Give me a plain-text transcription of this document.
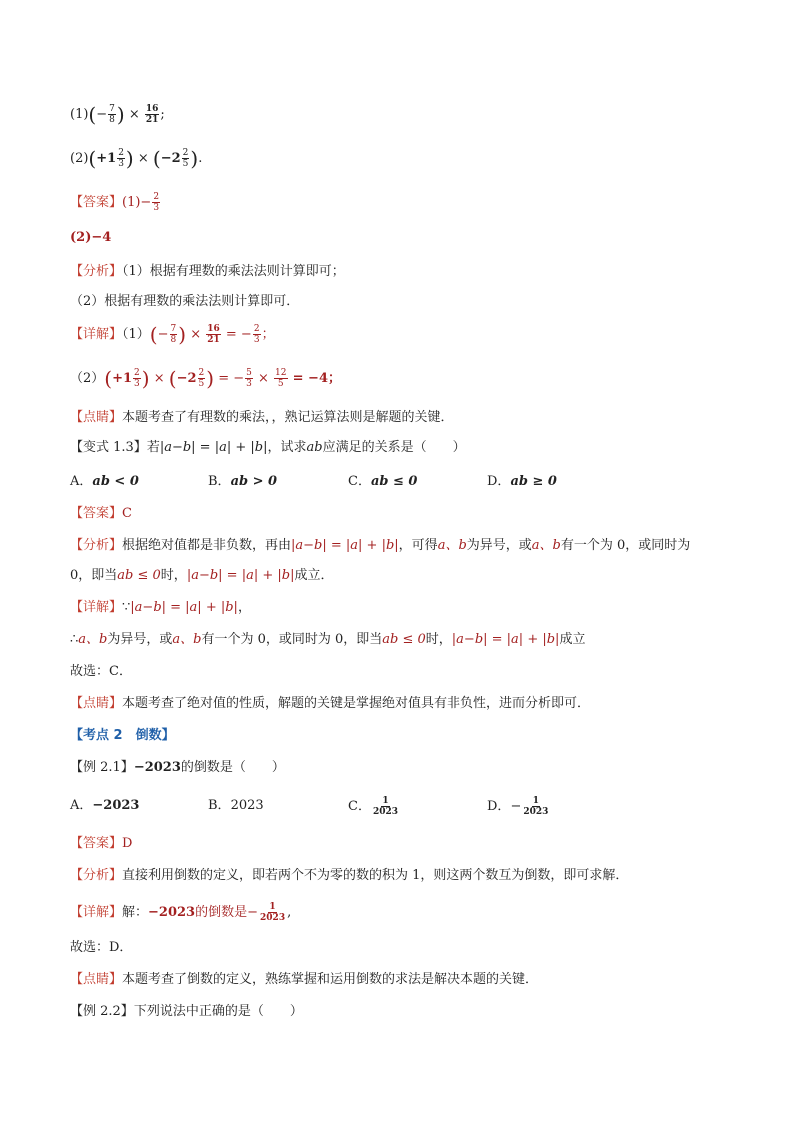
$(1)(- \frac{7}{8}$ ) × $\frac{16}{21}$ ;
$(2)(+1 \frac{2}{3}$ ) × ($-2 \frac{2}{5}$ ).
【答案】$(1)- \frac{2}{3}$
(2)−4
【分析】（1）根据有理数的乘法法则计算即可；
（2）根据有理数的乘法法则计算即可．
【详解】$(1)(- \frac{7}{8}$ ) × $\frac{16}{21}$ = − $\frac{2}{3}$ ；
$(2)(+1 \frac{2}{3}$ ) × ($-2 \frac{2}{5}$ ) = − $\frac{5}{3} \times \frac{12}{5} = -4$；
【点睛】本题考查了有理数的乘法，，熟记运算法则是解题的关键．
【变式 1.3】若|a−b| = |a| + |b|，试求ab应满足的关系是（　　）
A．ab < 0	B．ab > 0	C．ab ≤ 0	D．ab ≥ 0
【答案】C
【分析】根据绝对值都是非负数，再由|a−b| = |a| + |b|，可得a、b为异号，或a、b有一个为 0，或同时为
0，即当ab ≤ 0时，|a−b| = |a| + |b|成立．
【详解】∵|a−b| = |a| + |b|，
∴a、b为异号，或a、b有一个为 0，或同时为 0，即当ab ≤ 0时，|a−b| = |a| + |b|成立
故选：C．
【点睛】本题考查了绝对值的性质，解题的关键是掌握绝对值具有非负性，进而分析即可．
【考点 2　倒数】
【例 2.1】−2023的倒数是（　　）
A．−2023	B．2023	C． $\frac{1}{2023}$	D．− $\frac{1}{2023}$
【答案】D
【分析】直接利用倒数的定义，即若两个不为零的数的积为 1，则这两个数互为倒数，即可求解．
【详解】解：−2023的倒数是− $\frac{1}{2023}$ ,
故选：D．
【点睛】本题考查了倒数的定义，熟练掌握和运用倒数的求法是解决本题的关键．
【例 2.2】下列说法中正确的是（　　）
